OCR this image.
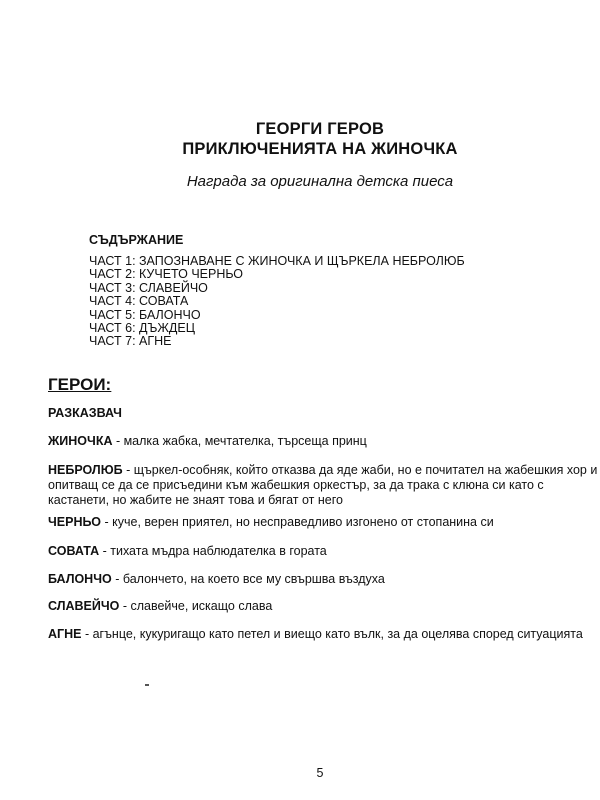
ГЕОРГИ ГЕРОВ
ПРИКЛЮЧЕНИЯТА НА ЖИНОЧКА
Награда за оригинална детска пиеса
СЪДЪРЖАНИЕ
ЧАСТ 1: ЗАПОЗНАВАНЕ С ЖИНОЧКА И ЩЪРКЕЛА НЕБРОЛЮБ
ЧАСТ 2: КУЧЕТО ЧЕРНЬО
ЧАСТ 3: СЛАВЕЙЧО
ЧАСТ 4: СОВАТА
ЧАСТ 5: БАЛОНЧО
ЧАСТ 6: ДЪЖДЕЦ
ЧАСТ 7: АГНЕ
ГЕРОИ:
РАЗКАЗВАЧ
ЖИНОЧКА - малка жабка, мечтателка, търсеща принц
НЕБРОЛЮБ - щъркел-особняк, който отказва да яде жаби, но е почитател на жабешкия хор и опитващ се да се присъедини към жабешкия оркестър, за да трака с клюна си като с кастанети, но жабите не знаят това и бягат от него
ЧЕРНЬО - куче, верен приятел, но несправедливо изгонено от стопанина си
СОВАТА - тихата мъдра наблюдателка в гората
БАЛОНЧО - балончето, на което все му свършва въздуха
СЛАВЕЙЧО - славейче, искащо слава
АГНЕ - агънце, кукуригащо като петел и виещо като вълк, за да оцелява според ситуацията
5
